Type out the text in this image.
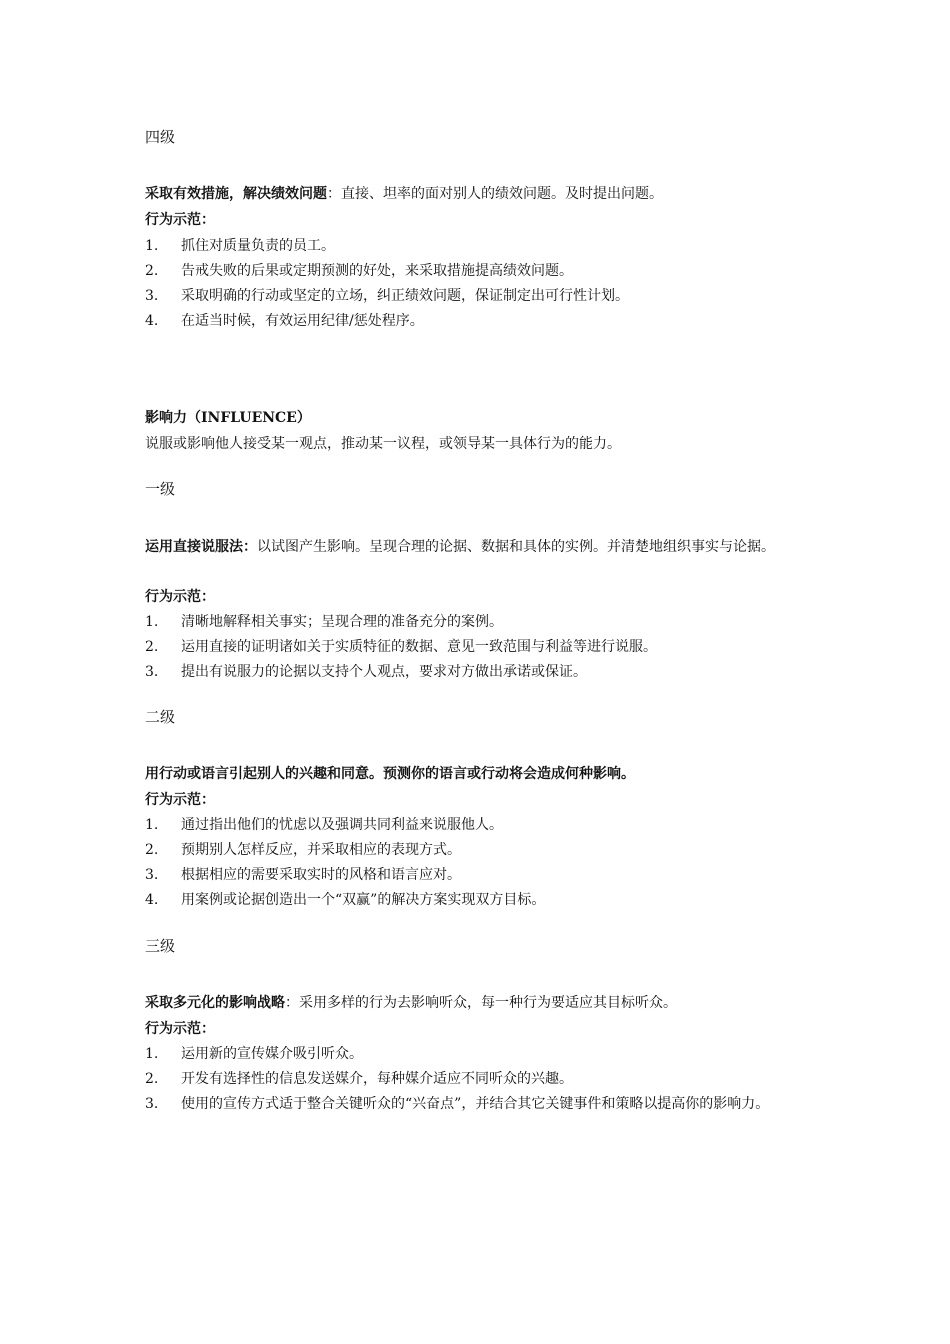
四级
采取有效措施，解决绩效问题：直接、坦率的面对别人的绩效问题。及时提出问题。
行为示范：
1. 抓住对质量负责的员工。
2. 告戒失败的后果或定期预测的好处，来采取措施提高绩效问题。
3. 采取明确的行动或坚定的立场，纠正绩效问题，保证制定出可行性计划。
4. 在适当时候，有效运用纪律/惩处程序。
影响力（INFLUENCE）
说服或影响他人接受某一观点，推动某一议程，或领导某一具体行为的能力。
一级
运用直接说服法：以试图产生影响。呈现合理的论据、数据和具体的实例。并清楚地组织事实与论据。
行为示范：
1. 清晰地解释相关事实；呈现合理的准备充分的案例。
2. 运用直接的证明诸如关于实质特征的数据、意见一致范围与利益等进行说服。
3. 提出有说服力的论据以支持个人观点，要求对方做出承诺或保证。
二级
用行动或语言引起别人的兴趣和同意。预测你的语言或行动将会造成何种影响。
行为示范：
1. 通过指出他们的忧虑以及强调共同利益来说服他人。
2. 预期别人怎样反应，并采取相应的表现方式。
3. 根据相应的需要采取实时的风格和语言应对。
4. 用案例或论据创造出一个“双赢”的解决方案实现双方目标。
三级
采取多元化的影响战略：采用多样的行为去影响听众，每一种行为要适应其目标听众。
行为示范：
1. 运用新的宣传媒介吸引听众。
2. 开发有选择性的信息发送媒介，每种媒介适应不同听众的兴趣。
3. 使用的宣传方式适于整合关键听众的“兴奋点”，并结合其它关键事件和策略以提高你的影响力。
